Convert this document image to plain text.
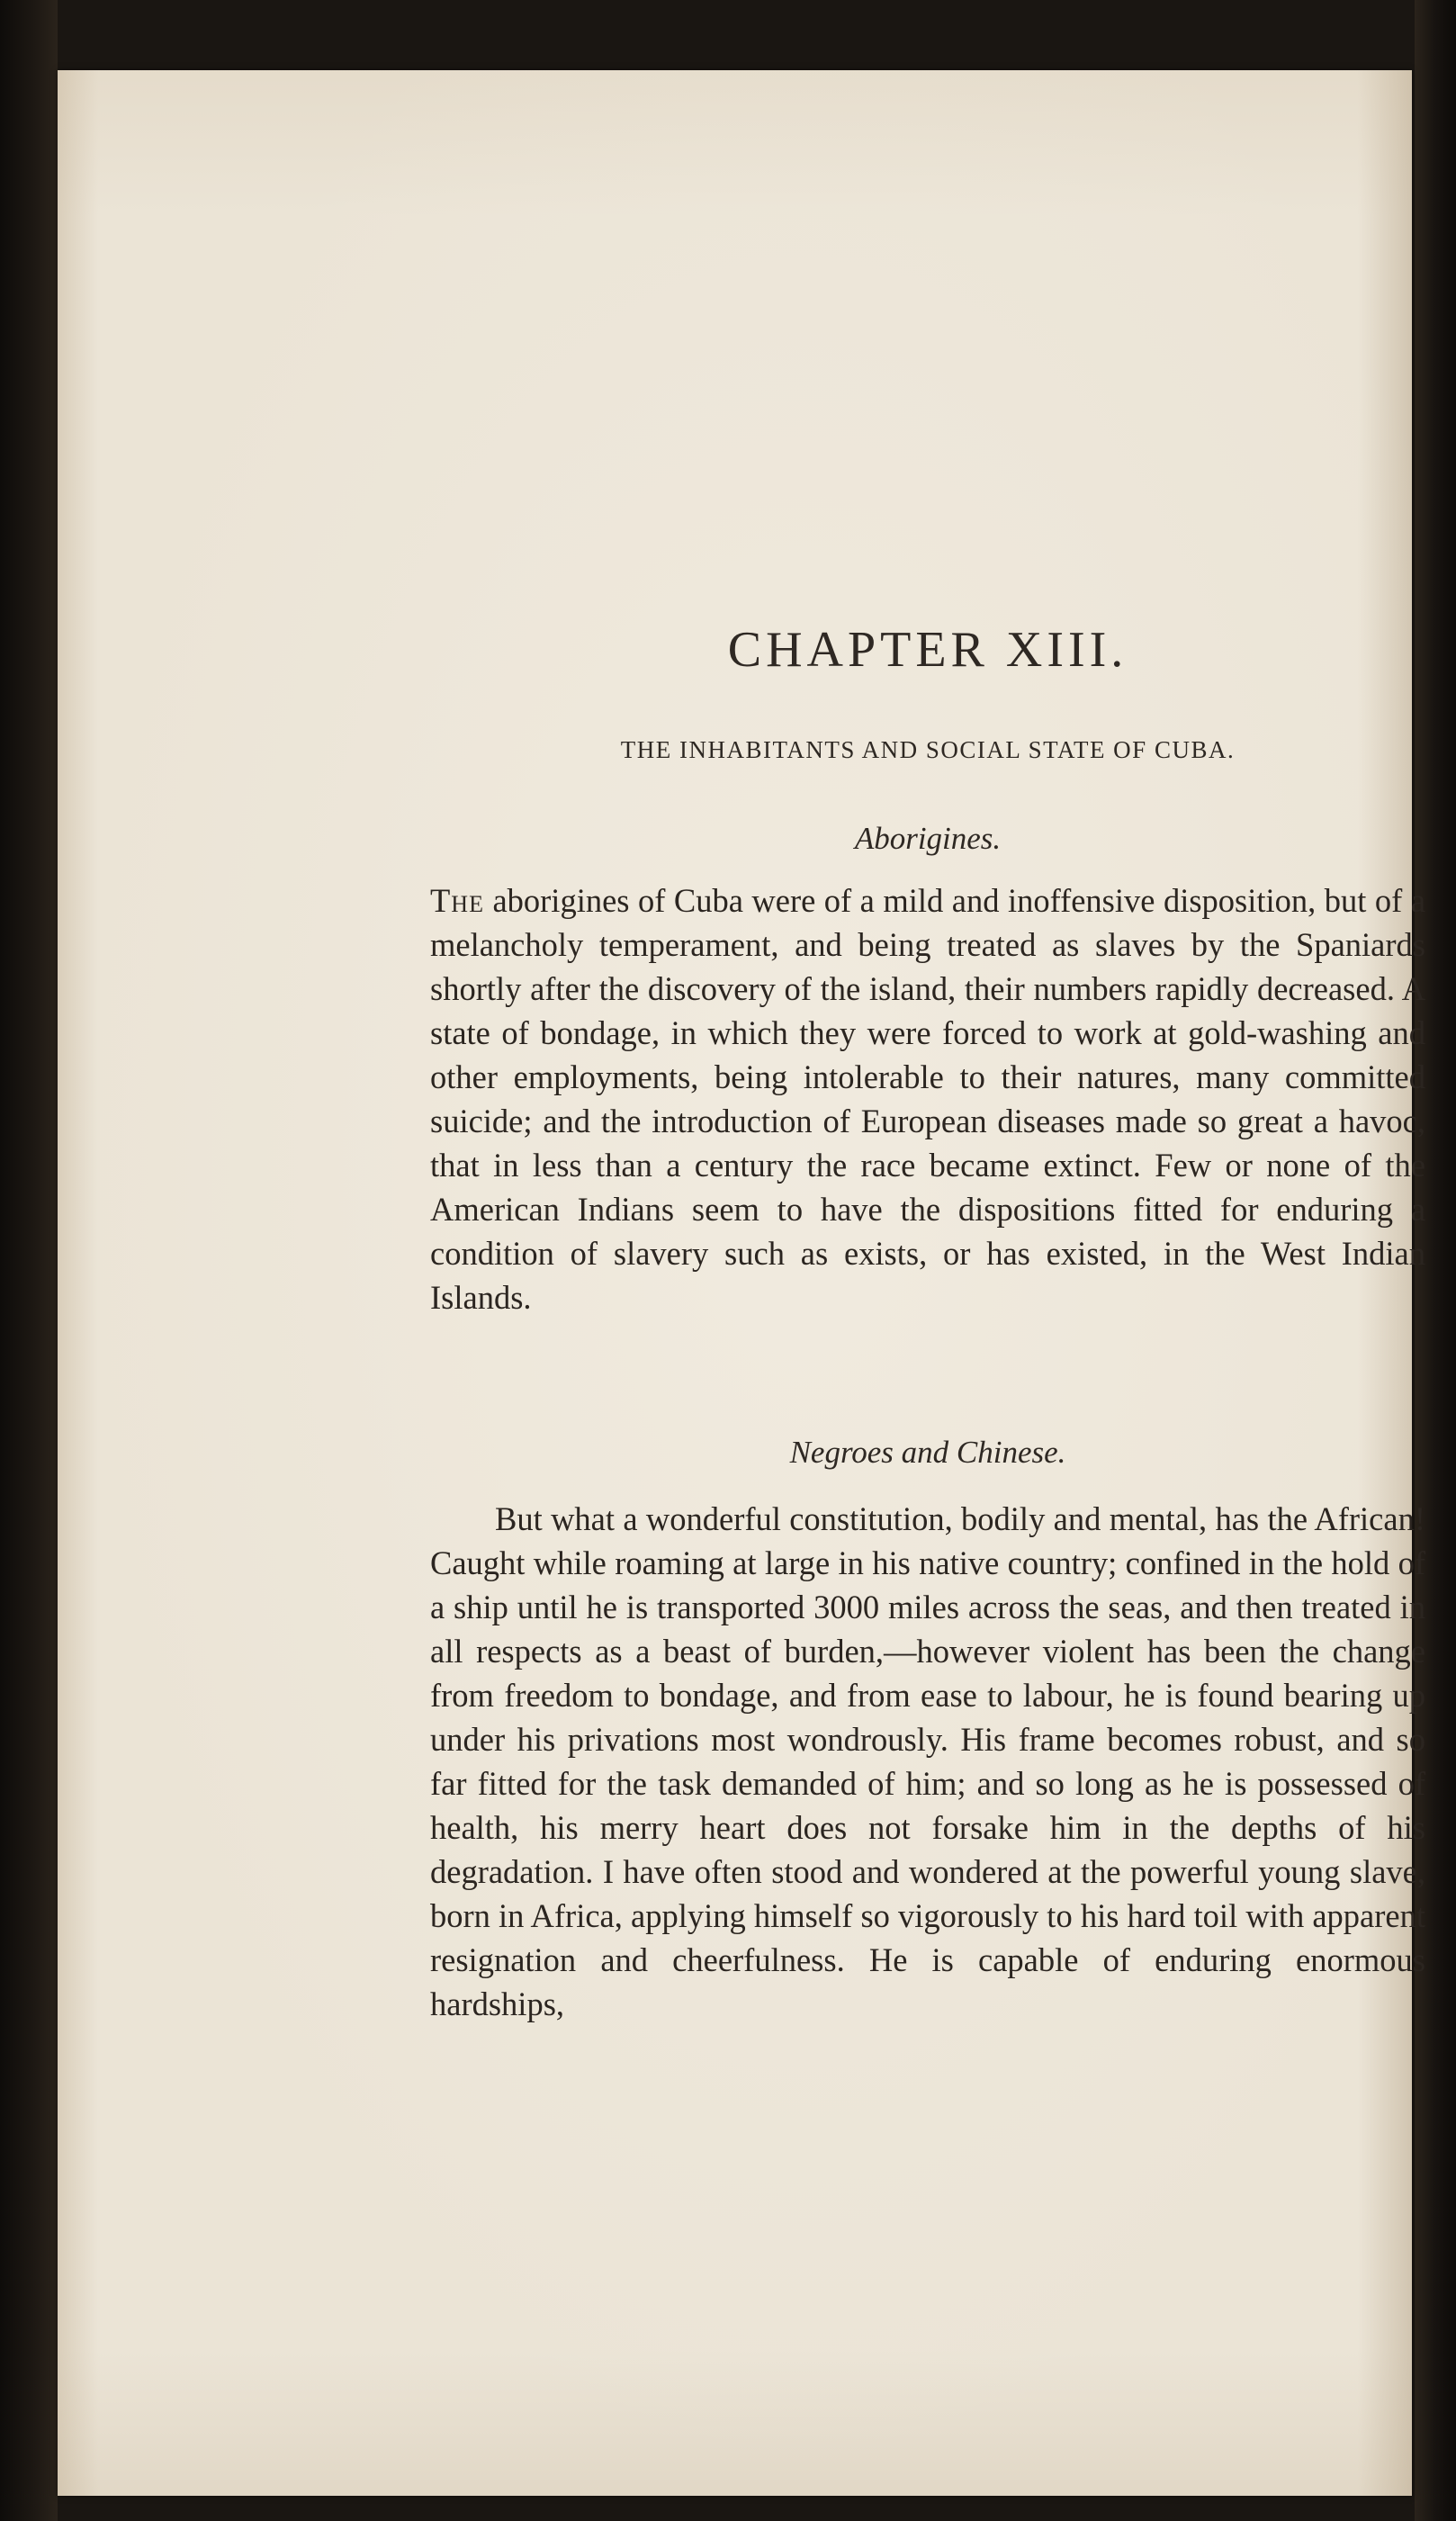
CHAPTER XIII.
THE INHABITANTS AND SOCIAL STATE OF CUBA.
Aborigines.

The aborigines of Cuba were of a mild and inoffensive disposition, but of a melancholy temperament, and being treated as slaves by the Spaniards shortly after the discovery of the island, their numbers rapidly decreased. A state of bondage, in which they were forced to work at gold-washing and other employments, being intolerable to their natures, many committed suicide; and the introduction of European diseases made so great a havoc, that in less than a century the race became extinct. Few or none of the American Indians seem to have the dispositions fitted for enduring a condition of slavery such as exists, or has existed, in the West Indian Islands.

Negroes and Chinese.

But what a wonderful constitution, bodily and mental, has the African! Caught while roaming at large in his native country; confined in the hold of a ship until he is transported 3000 miles across the seas, and then treated in all respects as a beast of burden,—however violent has been the change from freedom to bondage, and from ease to labour, he is found bearing up under his privations most wondrously. His frame becomes robust, and so far fitted for the task demanded of him; and so long as he is possessed of health, his merry heart does not forsake him in the depths of his degradation. I have often stood and wondered at the powerful young slave, born in Africa, applying himself so vigorously to his hard toil with apparent resignation and cheerfulness. He is capable of enduring enormous hardships,
